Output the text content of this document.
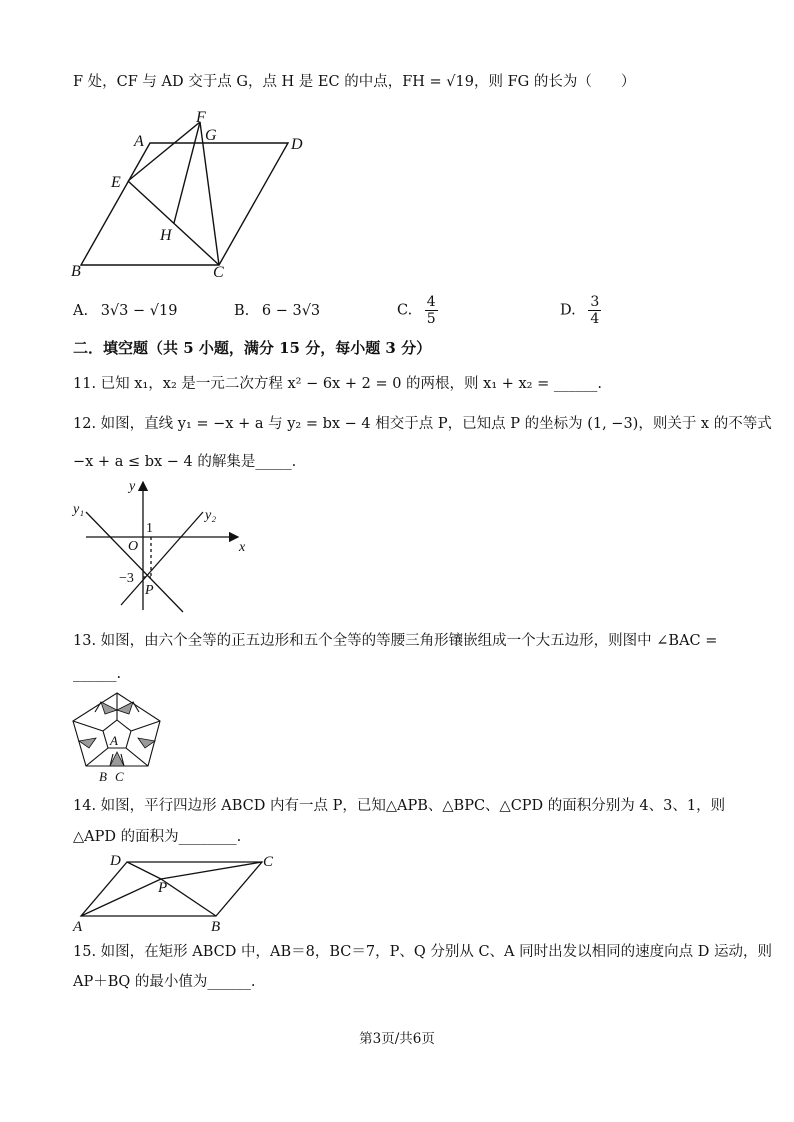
F 处，CF 与 AD 交于点 G，点 H 是 EC 的中点，FH = √19，则 FG 的长为（　　）
A
F
G
D
E
H
B	C
A. 3√3 − √19	B. 6 − 3√3	C. $\frac{4}{5}$	D. $\frac{3}{4}$
二．填空题（共 5 小题，满分 15 分，每小题 3 分）
11. 已知 x₁，x₂ 是一元二次方程 x² − 6x + 2 = 0 的两根，则 x₁ + x₂ = ______.
12. 如图，直线 y₁ = −x + a 与 y₂ = bx − 4 相交于点 P，已知点 P 的坐标为 (1, −3)，则关于 x 的不等式
−x + a ≤ bx − 4 的解集是_____.
y
x
y₁	y₂
O
1
−3
P
13. 如图，由六个全等的正五边形和五个全等的等腰三角形镶嵌组成一个大五边形，则图中 ∠BAC =
______.
A
B C
14. 如图，平行四边形 ABCD 内有一点 P，已知△APB、△BPC、△CPD 的面积分别为 4、3、1，则
△APD 的面积为________.
D	C
P
A	B
15. 如图，在矩形 ABCD 中，AB＝8，BC＝7，P、Q 分别从 C、A 同时出发以相同的速度向点 D 运动，则
AP＋BQ 的最小值为______.
第3页/共6页
